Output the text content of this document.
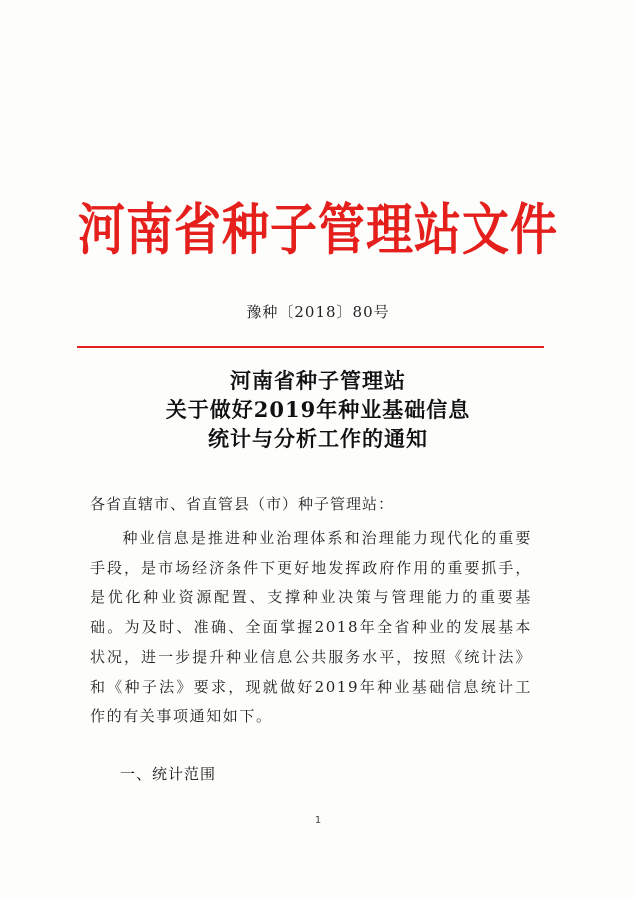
河南省种子管理站文件
豫种〔2018〕80号
河南省种子管理站
关于做好2019年种业基础信息
统计与分析工作的通知
各省直辖市、省直管县（市）种子管理站：

种业信息是推进种业治理体系和治理能力现代化的重要手段，是市场经济条件下更好地发挥政府作用的重要抓手，是优化种业资源配置、支撑种业决策与管理能力的重要基础。为及时、准确、全面掌握2018年全省种业的发展基本状况，进一步提升种业信息公共服务水平，按照《统计法》和《种子法》要求，现就做好2019年种业基础信息统计工作的有关事项通知如下。

一、统计范围
1
